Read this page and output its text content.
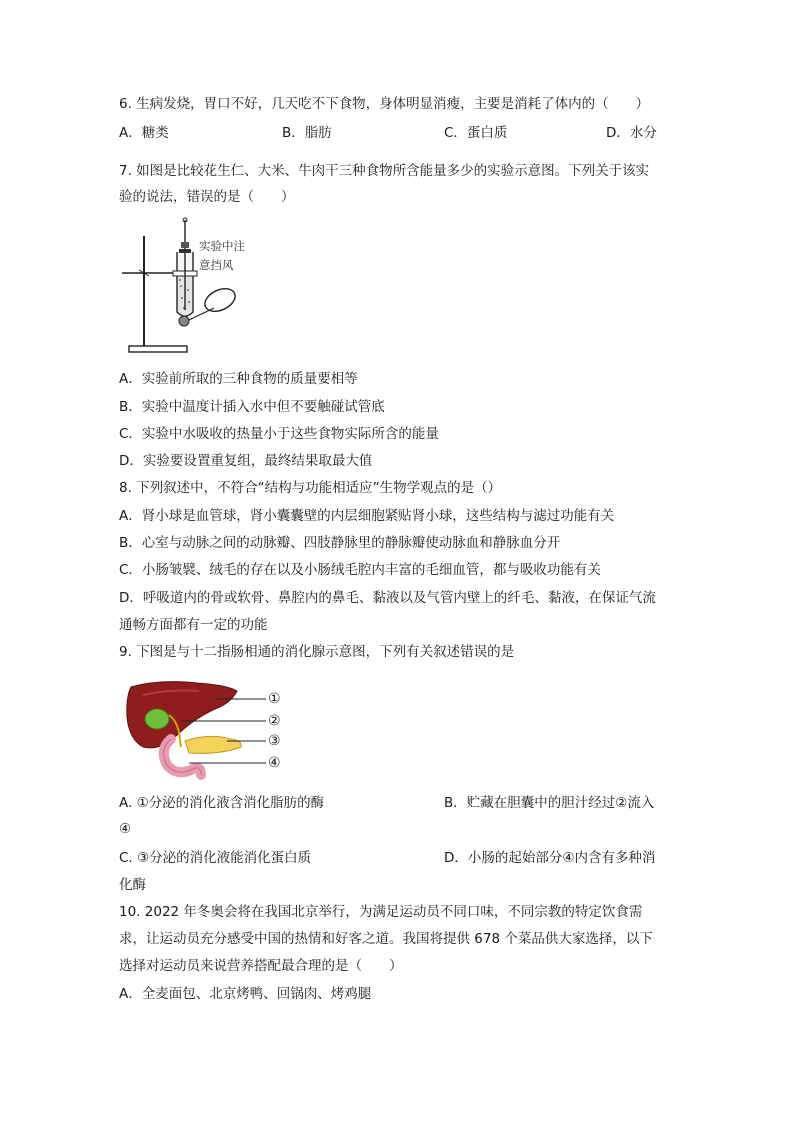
6. 生病发烧，胃口不好，几天吃不下食物，身体明显消瘦，主要是消耗了体内的（　　）
A．糖类	B．脂肪	C．蛋白质	D．水分
7. 如图是比较花生仁、大米、牛肉干三种食物所含能量多少的实验示意图。下列关于该实
验的说法，错误的是（　　）
实验中注
意挡风
A．实验前所取的三种食物的质量要相等
B．实验中温度计插入水中但不要触碰试管底
C．实验中水吸收的热量小于这些食物实际所含的能量
D．实验要设置重复组，最终结果取最大值
8. 下列叙述中，不符合“结构与功能相适应”生物学观点的是（）
A．肾小球是血管球，肾小囊囊壁的内层细胞紧贴肾小球，这些结构与滤过功能有关
B．心室与动脉之间的动脉瓣、四肢静脉里的静脉瓣使动脉血和静脉血分开
C．小肠皱襞、绒毛的存在以及小肠绒毛腔内丰富的毛细血管，都与吸收功能有关
D．呼吸道内的骨或软骨、鼻腔内的鼻毛、黏液以及气管内壁上的纤毛、黏液，在保证气流
通畅方面都有一定的功能
9. 下图是与十二指肠相通的消化腺示意图，下列有关叙述错误的是
①
②
③
④
A. ①分泌的消化液含消化脂肪的酶	B．贮藏在胆囊中的胆汁经过②流入
④
C. ③分泌的消化液能消化蛋白质	D．小肠的起始部分④内含有多种消
化酶
10. 2022 年冬奥会将在我国北京举行，为满足运动员不同口味，不同宗教的特定饮食需
求，让运动员充分感受中国的热情和好客之道。我国将提供 678 个菜品供大家选择，以下
选择对运动员来说营养搭配最合理的是（　　）
A．全麦面包、北京烤鸭、回锅肉、烤鸡腿
